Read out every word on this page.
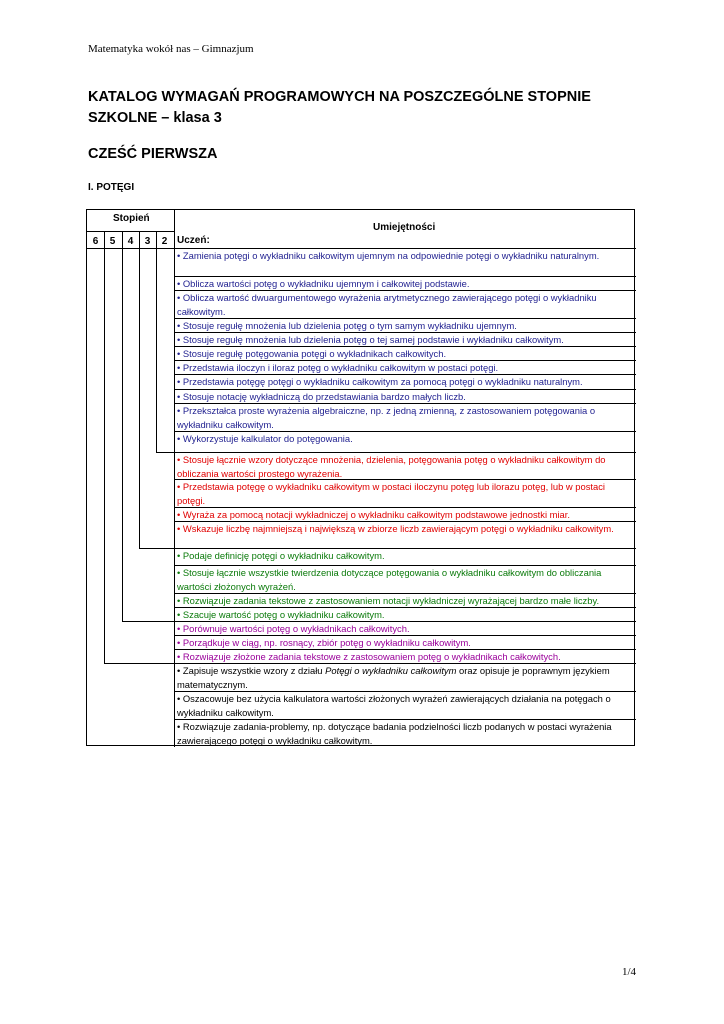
Matematyka wokół nas – Gimnazjum
KATALOG WYMAGAŃ PROGRAMOWYCH NA POSZCZEGÓLNE STOPNIE SZKOLNE – klasa 3
CZEŚĆ PIERWSZA
I. POTĘGI
Stopień
Umiejętności
Uczeń:
6	5	4	3	2
• Zamienia potęgi o wykładniku całkowitym ujemnym na odpowiednie potęgi o wykładniku naturalnym.
• Oblicza wartości potęg o wykładniku ujemnym i całkowitej podstawie.
• Oblicza wartość dwuargumentowego wyrażenia arytmetycznego zawierającego potęgi o wykładniku całkowitym.
• Stosuje regułę mnożenia lub dzielenia potęg o tym samym wykładniku ujemnym.
• Stosuje regułę mnożenia lub dzielenia potęg o tej samej podstawie i wykładniku całkowitym.
• Stosuje regułę potęgowania potęgi o wykładnikach całkowitych.
• Przedstawia iloczyn i iloraz potęg o wykładniku całkowitym w postaci potęgi.
• Przedstawia potęgę potęgi o wykładniku całkowitym za pomocą potęgi o wykładniku naturalnym.
• Stosuje notację wykładniczą do przedstawiania bardzo małych liczb.
• Przekształca proste wyrażenia algebraiczne, np. z jedną zmienną, z zastosowaniem potęgowania o wykładniku całkowitym.
• Wykorzystuje kalkulator do potęgowania.
• Stosuje łącznie wzory dotyczące mnożenia, dzielenia, potęgowania potęg o wykładniku całkowitym do obliczania wartości prostego wyrażenia.
• Przedstawia potęgę o wykładniku całkowitym w postaci iloczynu potęg lub ilorazu potęg, lub w postaci potęgi.
• Wyraża za pomocą notacji wykładniczej o wykładniku całkowitym podstawowe jednostki miar.
• Wskazuje liczbę najmniejszą i największą w zbiorze liczb zawierającym potęgi o wykładniku całkowitym.
• Podaje definicję potęgi o wykładniku całkowitym.
• Stosuje łącznie wszystkie twierdzenia dotyczące potęgowania o wykładniku całkowitym do obliczania wartości złożonych wyrażeń.
• Rozwiązuje zadania tekstowe z zastosowaniem notacji wykładniczej wyrażającej bardzo małe liczby.
• Szacuje wartość potęg o wykładniku całkowitym.
• Porównuje wartości potęg o wykładnikach całkowitych.
• Porządkuje w ciąg, np. rosnący, zbiór potęg o wykładniku całkowitym.
• Rozwiązuje złożone zadania tekstowe z zastosowaniem potęg o wykładnikach całkowitych.
• Zapisuje wszystkie wzory z działu Potęgi o wykładniku całkowitym oraz opisuje je poprawnym językiem matematycznym.
• Oszacowuje bez użycia kalkulatora wartości złożonych wyrażeń zawierających działania na potęgach o wykładniku całkowitym.
• Rozwiązuje zadania-problemy, np. dotyczące badania podzielności liczb podanych w postaci wyrażenia zawierającego potęgi o wykładniku całkowitym.
1/4
